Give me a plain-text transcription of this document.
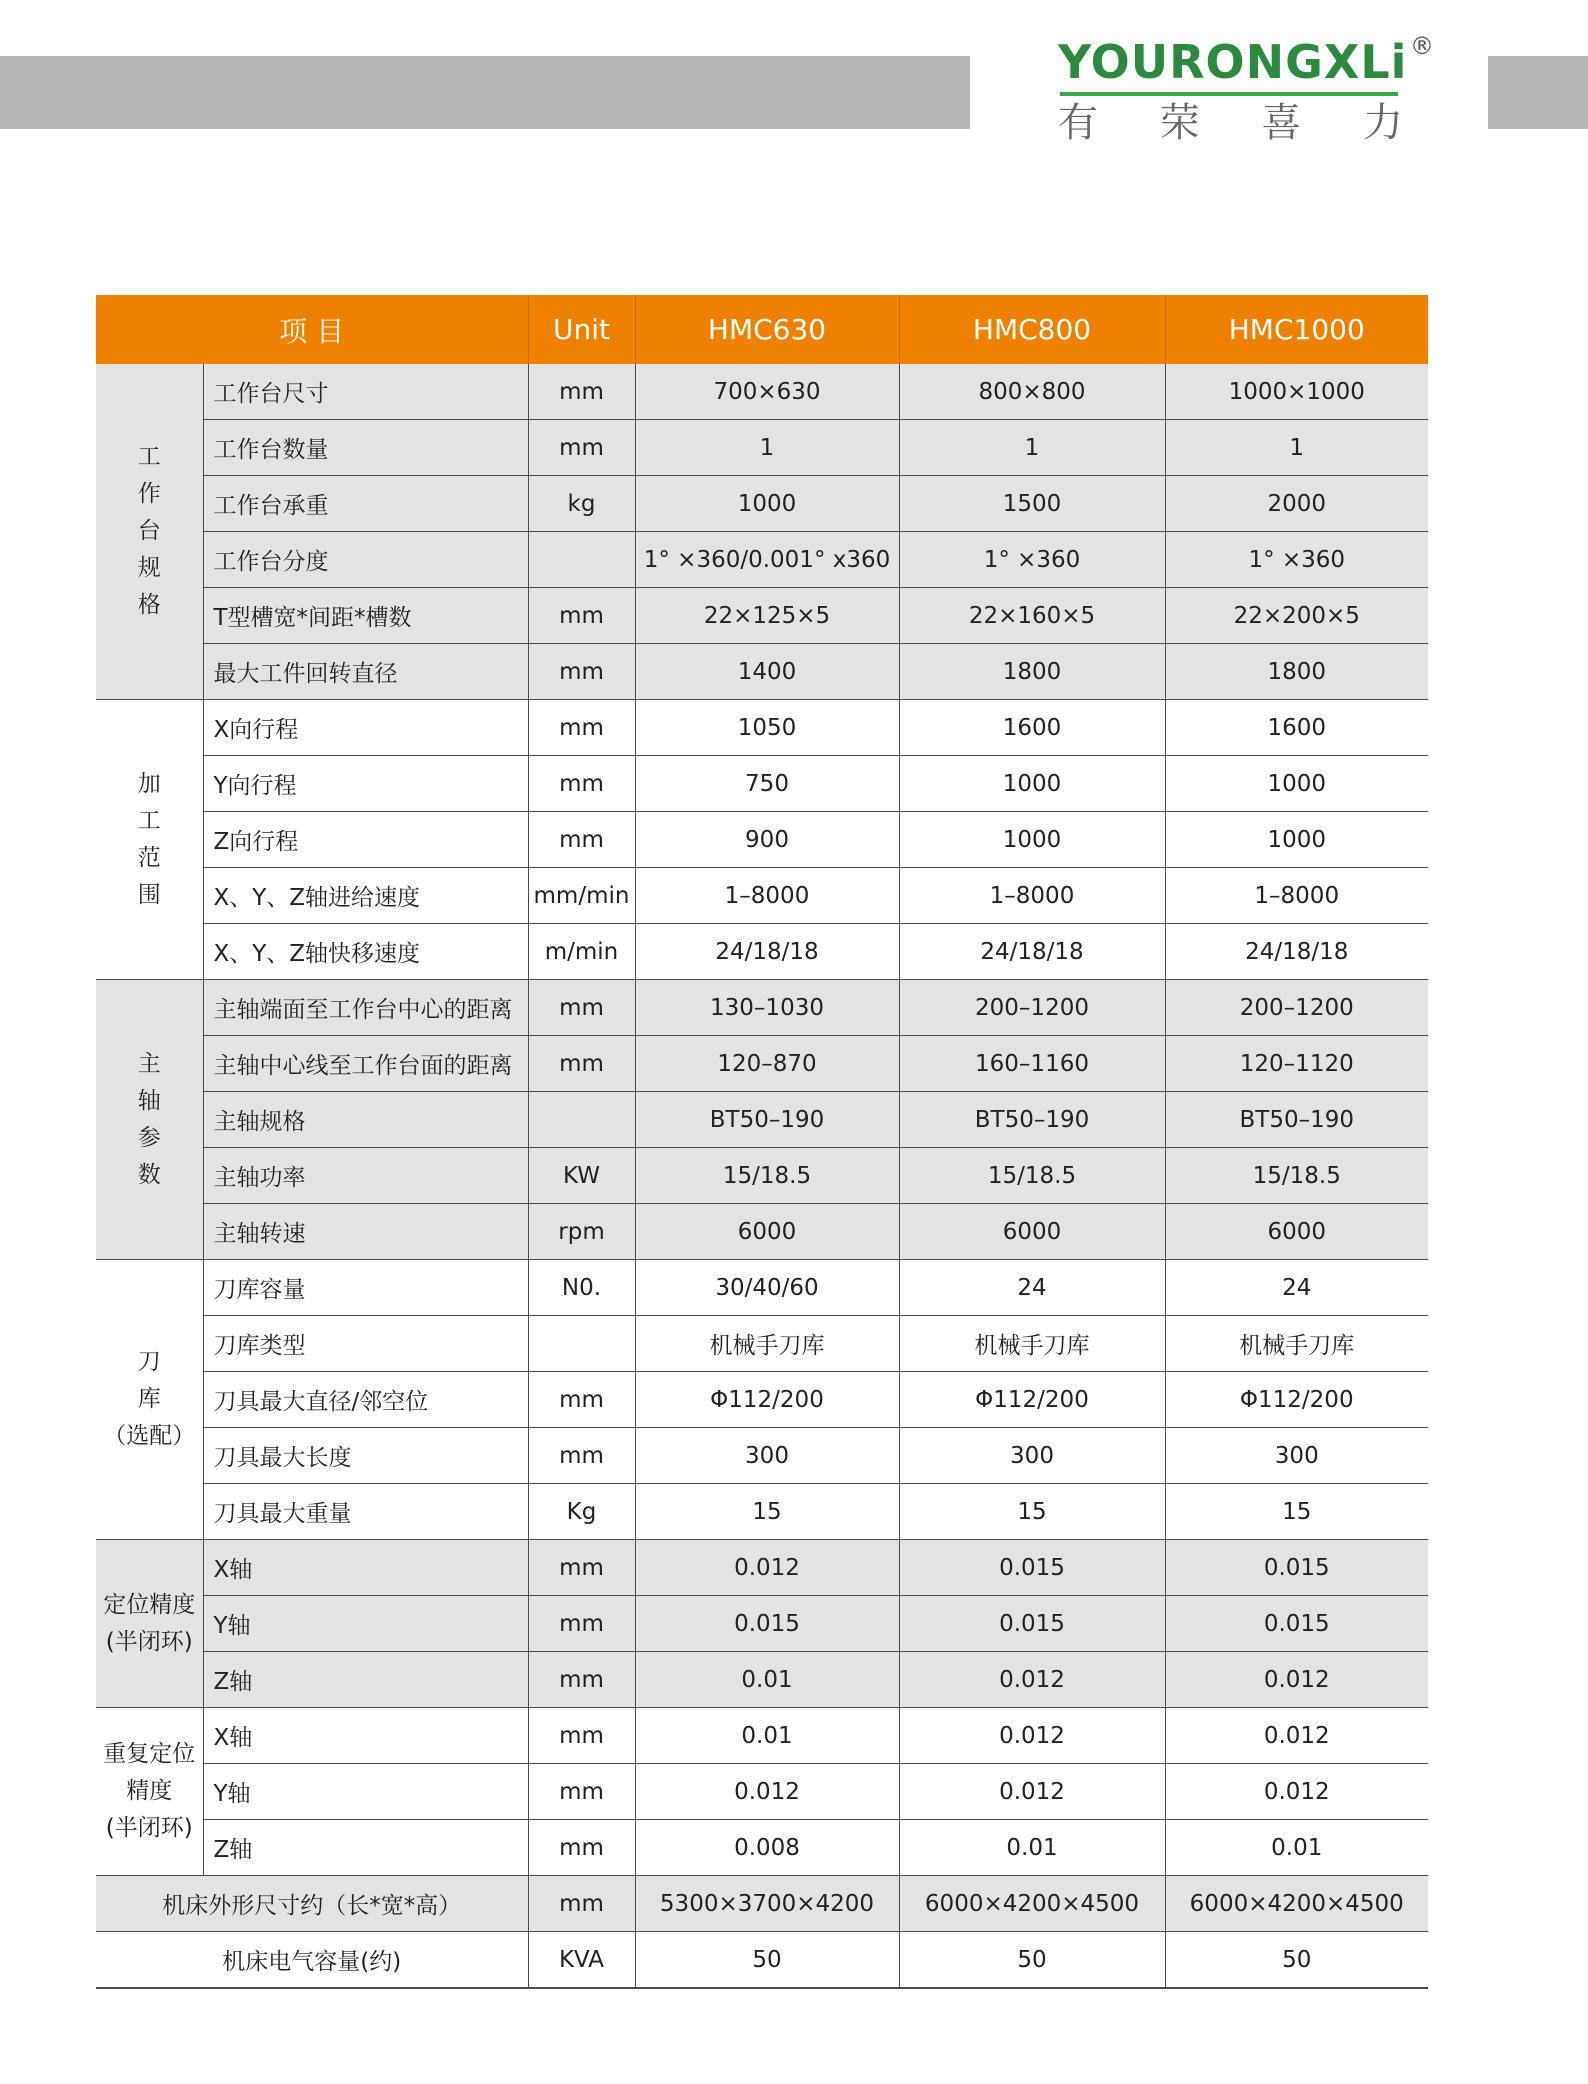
YOURONGXLi ®
有 荣 喜 力
项 目		Unit	HMC630	HMC800	HMC1000
工作台规格	工作台尺寸	mm	700×630	800×800	1000×1000
	工作台数量	mm	1	1	1
	工作台承重	kg	1000	1500	2000
	工作台分度		1° ×360/0.001° x360	1° ×360	1° ×360
	T型槽宽*间距*槽数	mm	22×125×5	22×160×5	22×200×5
	最大工件回转直径	mm	1400	1800	1800
加工范围	X向行程	mm	1050	1600	1600
	Y向行程	mm	750	1000	1000
	Z向行程	mm	900	1000	1000
	X、Y、Z轴进给速度	mm/min	1–8000	1–8000	1–8000
	X、Y、Z轴快移速度	m/min	24/18/18	24/18/18	24/18/18
主轴参数	主轴端面至工作台中心的距离	mm	130–1030	200–1200	200–1200
	主轴中心线至工作台面的距离	mm	120–870	160–1160	120–1120
	主轴规格		BT50–190	BT50–190	BT50–190
	主轴功率	KW	15/18.5	15/18.5	15/18.5
	主轴转速	rpm	6000	6000	6000

刀
库
（选配）	刀库容量	N0.	30/40/60	24	24
	刀库类型		机械手刀库	机械手刀库	机械手刀库
	刀具最大直径/邻空位	mm	Φ112/200	Φ112/200	Φ112/200
	刀具最大长度	mm	300	300	300
	刀具最大重量	Kg	15	15	15

定位精度
(半闭环)	X轴	mm	0.012	0.015	0.015
	Y轴	mm	0.015	0.015	0.015
	Z轴	mm	0.01	0.012	0.012

重复定位
精度
(半闭环)	X轴	mm	0.01	0.012	0.012
	Y轴	mm	0.012	0.012	0.012
	Z轴	mm	0.008	0.01	0.01
机床外形尺寸约（长*宽*高）		mm	5300×3700×4200	6000×4200×4500	6000×4200×4500
机床电气容量(约)		KVA	50	50	50
